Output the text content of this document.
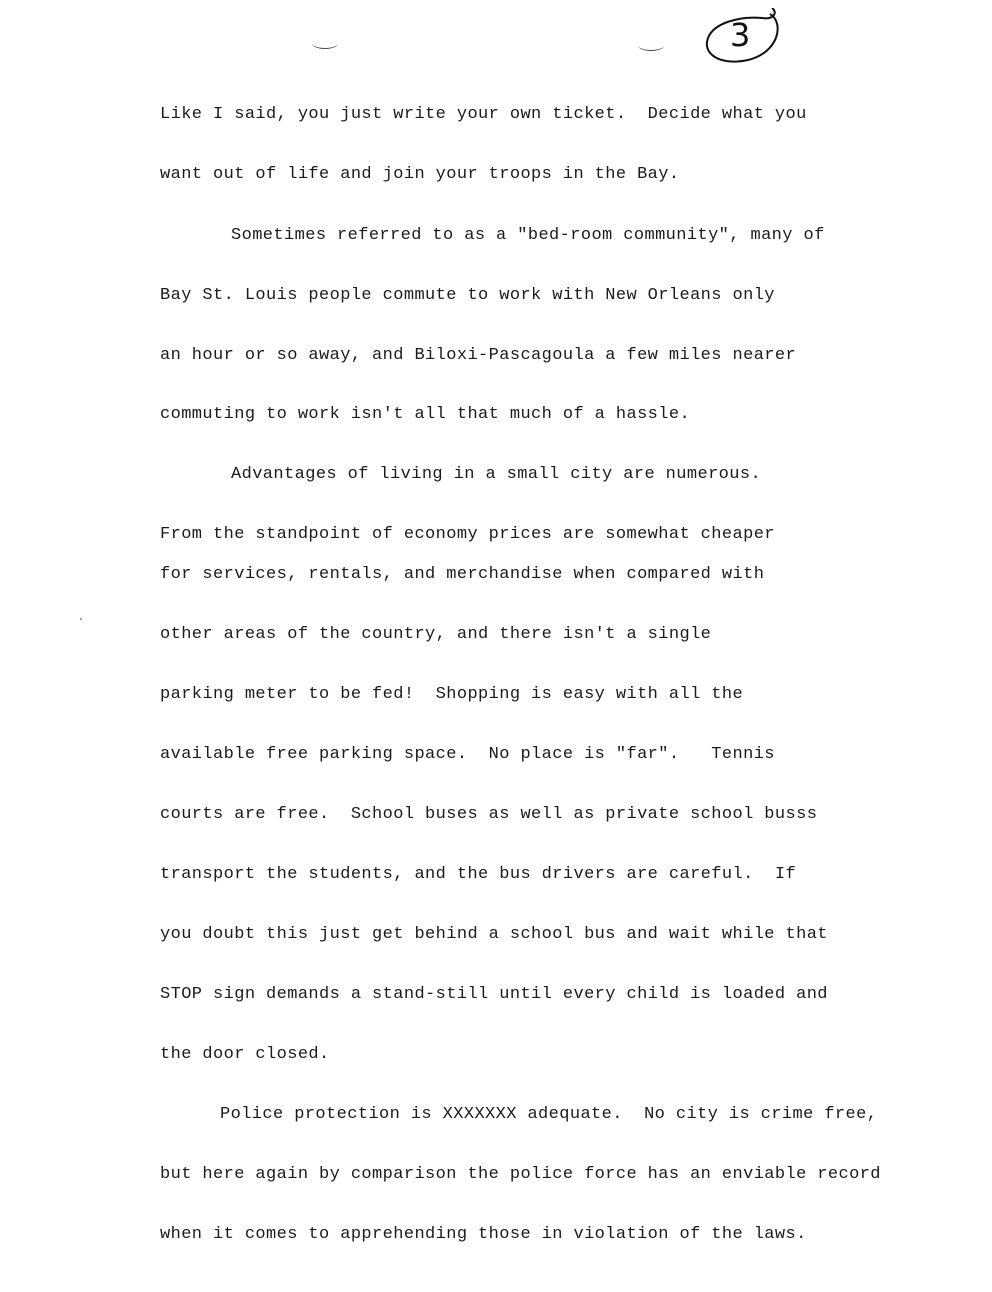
3
Like I said, you just write your own ticket.  Decide what you
want out of life and join your troops in the Bay.
Sometimes referred to as a "bed-room community", many of
Bay St. Louis people commute to work with New Orleans only
an hour or so away, and Biloxi-Pascagoula a few miles nearer
commuting to work isn't all that much of a hassle.
Advantages of living in a small city are numerous.
From the standpoint of economy prices are somewhat cheaper
for services, rentals, and merchandise when compared with
other areas of the country, and there isn't a single
parking meter to be fed!  Shopping is easy with all the
available free parking space.  No place is "far".   Tennis
courts are free.  School buses as well as private school busss
transport the students, and the bus drivers are careful.  If
you doubt this just get behind a school bus and wait while that
STOP sign demands a stand-still until every child is loaded and
the door closed.
Police protection is XXXXXXX adequate.  No city is crime free,
but here again by comparison the police force has an enviable record
when it comes to apprehending those in violation of the laws.
